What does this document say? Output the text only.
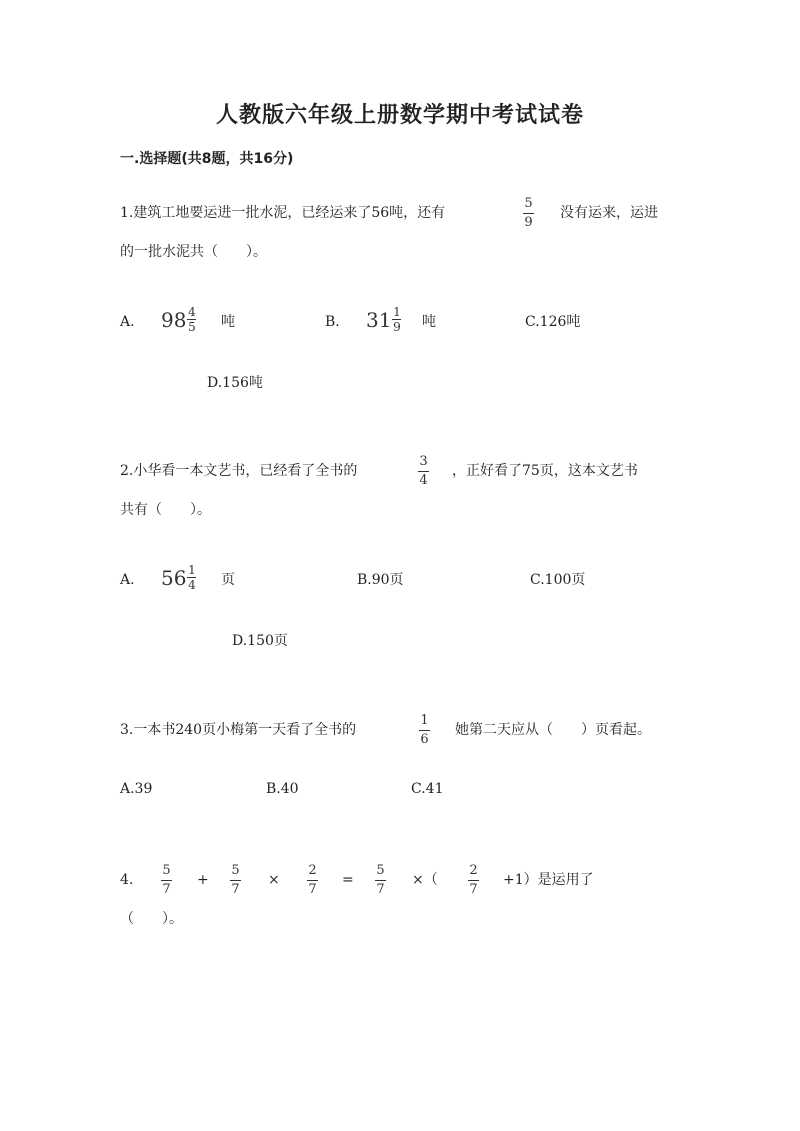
人教版六年级上册数学期中考试试卷
一.选择题(共8题，共16分)
1.建筑工地要运进一批水泥，已经运来了56吨，还有
5
9
没有运来，运进
的一批水泥共（　　）。
A. 98 4
5 吨	B. 31 1
9 吨	C.126吨
D.156吨
2.小华看一本文艺书，已经看了全书的
3
4
，正好看了75页，这本文艺书
共有（　　）。
A. 56 1
4 页	B.90页	C.100页
D.150页
3.一本书240页小梅第一天看了全书的
1
6
她第二天应从（　　）页看起。
A.39	B.40	C.41
4.
5
7
+
5
7
×
2
7
=
5
7
×（
2
7
+1）是运用了
（　　）。
